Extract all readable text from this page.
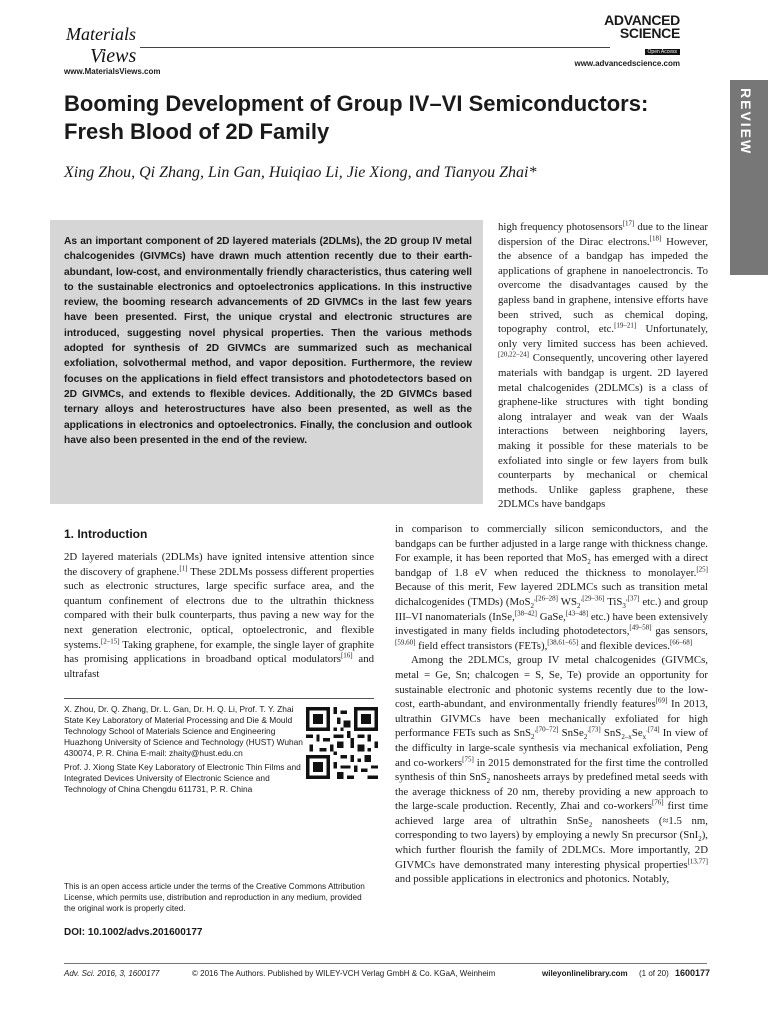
Materials
Views
www.MaterialsViews.com
ADVANCED
SCIENCE
Open Access
www.advancedscience.com
REVIEW
Booming Development of Group IV–VI Semiconductors: Fresh Blood of 2D Family
Xing Zhou, Qi Zhang, Lin Gan, Huiqiao Li, Jie Xiong, and Tianyou Zhai*
As an important component of 2D layered materials (2DLMs), the 2D group IV metal chalcogenides (GIVMCs) have drawn much attention recently due to their earth-abundant, low-cost, and environmentally friendly characteristics, thus catering well to the sustainable electronics and optoelectronics applications. In this instructive review, the booming research advancements of 2D GIVMCs in the last few years have been presented. First, the unique crystal and electronic structures are introduced, suggesting novel physical properties. Then the various methods adopted for synthesis of 2D GIVMCs are summarized such as mechanical exfoliation, solvothermal method, and vapor deposition. Furthermore, the review focuses on the applications in field effect transistors and photodetectors based on 2D GIVMCs, and extends to flexible devices. Additionally, the 2D GIVMCs based ternary alloys and heterostructures have also been presented, as well as the applications in electronics and optoelectronics. Finally, the conclusion and outlook have also been presented in the end of the review.

high frequency photosensors[17] due to the linear dispersion of the Dirac electrons.[18] However, the absence of a bandgap has impeded the applications of graphene in nanoelectroncis. To overcome the disadvantages caused by the gapless band in graphene, intensive efforts have been strived, such as chemical doping, topography control, etc.[19–21] Unfortunately, only very limited success has been achieved.[20,22–24] Consequently, uncovering other layered materials with bandgap is urgent. 2D layered metal chalcogenides (2DLMCs) is a class of graphene-like structures with tight bonding along intralayer and weak van der Waals interactions between neighboring layers, making it possible for these materials to be exfoliated into single or few layers from bulk counterparts by mechanical or chemical methods. Unlike gapless graphene, these 2DLMCs have bandgaps

1. Introduction

2D layered materials (2DLMs) have ignited intensive attention since the discovery of graphene.[1] These 2DLMs possess different properties such as electronic structures, large specific surface area, and the quantum confinement of electrons due to the ultrathin thickness compared with their bulk counterparts, thus paving a new way for the next generation electronic, optical, optoelectronic, and flexible systems.[2–15] Taking graphene, for example, the single layer of graphite has promising applications in broadband optical modulators[16] and ultrafast

in comparison to commercially silicon semiconductors, and the bandgaps can be further adjusted in a large range with thickness change. For example, it has been reported that MoS$_2$ has emerged with a direct bandgap of 1.8 eV when reduced the thickness to monolayer.[25] Because of this merit, Few layered 2DLMCs such as transition metal dichalcogenides (TMDs) (MoS$_2^{,[26-28]}$ $WS_2^{,[29-36]}$ TiS$_3^{,[37]}$ etc.) and group III–VI nanomaterials (InSe,[38–42] GaSe,[43–48] etc.) have been extensively investigated in many fields including photodetectors,[49–58] gas sensors,[59,60] field effect transistors (FETs),[38,61–65] and flexible devices.[66–68]

Among the 2DLMCs, group IV metal chalcogenides (GIVMCs, metal = Ge, Sn; chalcogen = S, Se, Te) provide an opportunity for sustainable electronic and photonic systems recently due to the low-cost, earth-abundant, and environmentally friendly features[69] In 2013, ultrathin GIVMCs have been mechanically exfoliated for high performance FETs such as SnS$_2^{,[70-72]}$ SnSe$_2^{,[73]}$ $SnS_{2-x}Se_x^{.[74]}$ In view of the difficulty in large-scale synthesis via mechanical exfoliation, Peng and co-workers[75] in 2015 demonstrated for the first time the controlled synthesis of thin SnS$_2$ nanosheets arrays by predefined metal seeds with the average thickness of 20 nm, thereby providing a new approach to the large-scale production. Recently, Zhai and co-workers[76] first time achieved large area of ultrathin SnSe$_2$ nanosheets (≈1.5 nm, corresponding to two layers) by employing a newly Sn precursor (SnI$_2$), which further flourish the family of 2DLMCs. More importantly, 2D GIVMCs have demonstrated many interesting physical properties[13,77] and possible applications in electronics and photonics. Notably,

X. Zhou, Dr. Q. Zhang, Dr. L. Gan, Dr. H. Q. Li, Prof. T. Y. Zhai State Key Laboratory of Material Processing and Die & Mould Technology School of Materials Science and Engineering Huazhong University of Science and Technology (HUST) Wuhan 430074, P. R. China E-mail: zhaity@hust.edu.cn

Prof. J. Xiong State Key Laboratory of Electronic Thin Films and Integrated Devices University of Electronic Science and Technology of China Chengdu 611731, P. R. China

This is an open access article under the terms of the Creative Commons Attribution License, which permits use, distribution and reproduction in any medium, provided the original work is properly cited.

DOI: 10.1002/advs.201600177
Adv. Sci. 2016, 3, 1600177	© 2016 The Authors. Published by WILEY-VCH Verlag GmbH & Co. KGaA, Weinheim	wileyonlinelibrary.com (1 of 20) 1600177
